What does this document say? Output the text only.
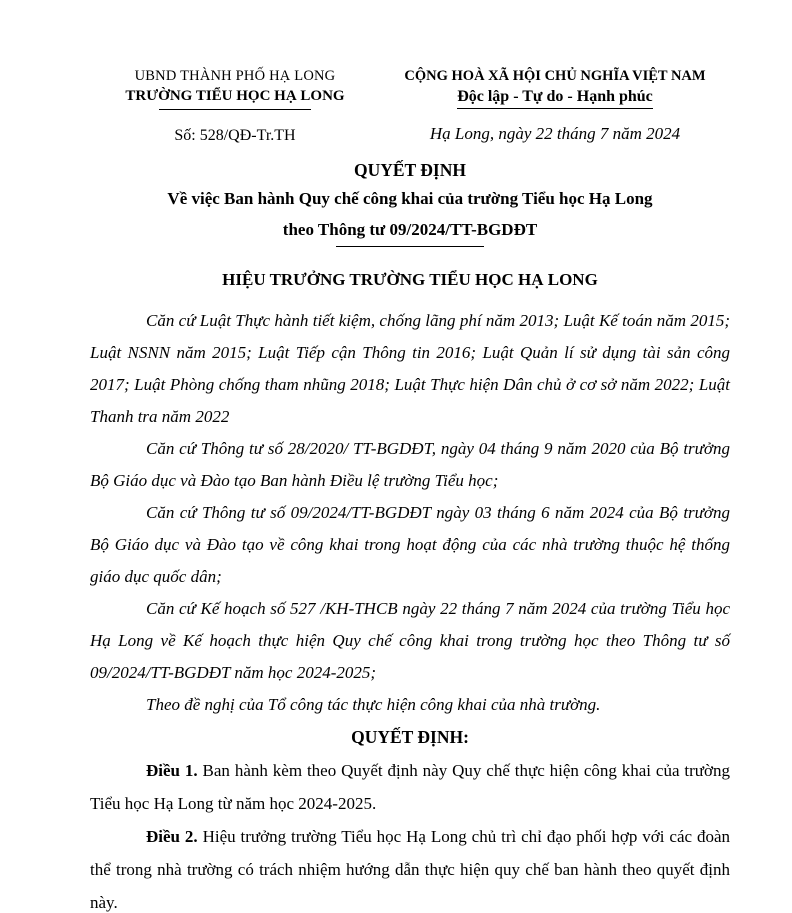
UBND THÀNH PHỐ HẠ LONG
TRƯỜNG TIỂU HỌC HẠ LONG
Số: 528/QĐ-Tr.TH
CỘNG HOÀ XÃ HỘI CHỦ NGHĨA VIỆT NAM
Độc lập - Tự do - Hạnh phúc
Hạ Long, ngày 22 tháng 7 năm 2024
QUYẾT ĐỊNH
Về việc Ban hành Quy chế công khai của trường Tiểu học Hạ Long
theo Thông tư 09/2024/TT-BGDĐT
HIỆU TRƯỞNG TRƯỜNG TIỂU HỌC HẠ LONG

Căn cứ Luật Thực hành tiết kiệm, chống lãng phí năm 2013; Luật Kế toán năm 2015; Luật NSNN năm 2015; Luật Tiếp cận Thông tin 2016; Luật Quản lí sử dụng tài sản công 2017; Luật Phòng chống tham nhũng 2018; Luật Thực hiện Dân chủ ở cơ sở năm 2022; Luật Thanh tra năm 2022

Căn cứ Thông tư số 28/2020/ TT-BGDĐT, ngày 04 tháng 9 năm 2020 của Bộ trưởng Bộ Giáo dục và Đào tạo Ban hành Điều lệ trường Tiểu học;

Căn cứ Thông tư số 09/2024/TT-BGDĐT ngày 03 tháng 6 năm 2024 của Bộ trưởng Bộ Giáo dục và Đào tạo về công khai trong hoạt động của các nhà trường thuộc hệ thống giáo dục quốc dân;

Căn cứ Kế hoạch số 527 /KH-THCB ngày 22 tháng 7 năm 2024 của trường Tiểu học Hạ Long về Kế hoạch thực hiện Quy chế công khai trong trường học theo Thông tư số 09/2024/TT-BGDĐT năm học 2024-2025;

Theo đề nghị của Tổ công tác thực hiện công khai của nhà trường.

QUYẾT ĐỊNH:

Điều 1. Ban hành kèm theo Quyết định này Quy chế thực hiện công khai của trường Tiểu học Hạ Long từ năm học 2024-2025.

Điều 2. Hiệu trưởng trường Tiểu học Hạ Long chủ trì chỉ đạo phối hợp với các đoàn thể trong nhà trường có trách nhiệm hướng dẫn thực hiện quy chế ban hành theo quyết định này.
